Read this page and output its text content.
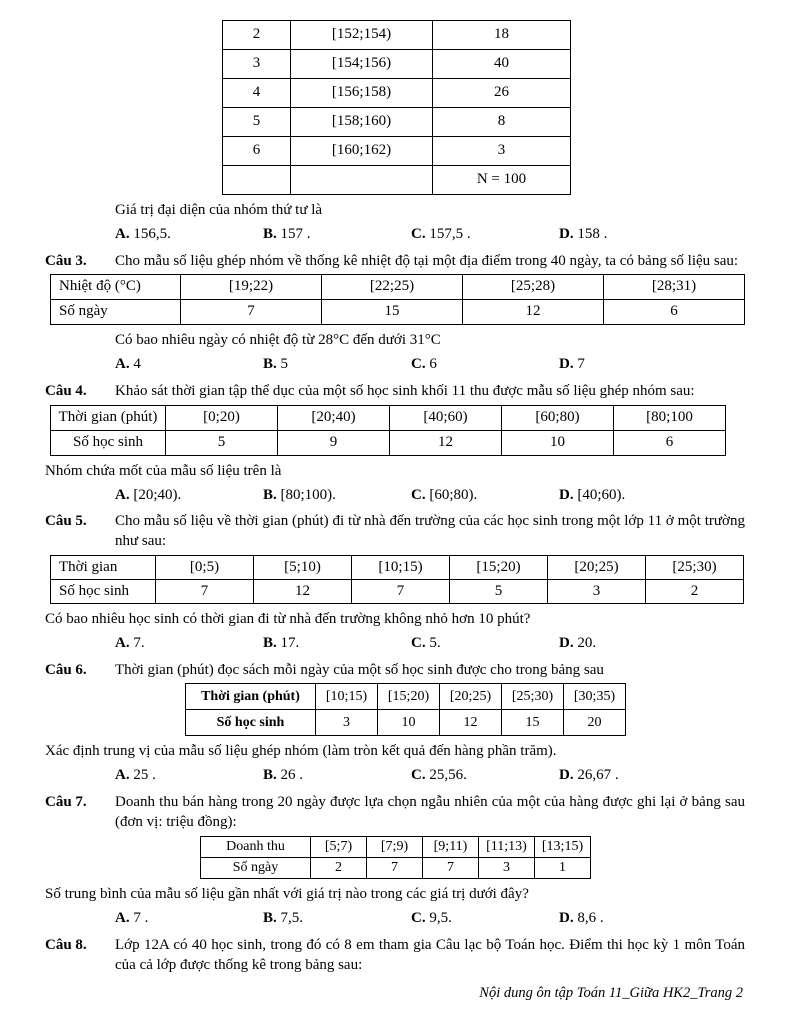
2	[152;154)	18
3	[154;156)	40
4	[156;158)	26
5	[158;160)	8
6	[160;162)	3
		N = 100
Giá trị đại diện của nhóm thứ tư là
A. 156,5.	B. 157 .	C. 157,5 .	D. 158 .
Câu 3.	Cho mẫu số liệu ghép nhóm về thống kê nhiệt độ tại một địa điểm trong 40 ngày, ta có bảng số liệu sau:
Nhiệt độ (°C)	[19;22)	[22;25)	[25;28)	[28;31)
Số ngày	7	15	12	6
Có bao nhiêu ngày có nhiệt độ từ 28°C đến dưới 31°C
A. 4	B. 5	C. 6	D. 7
Câu 4.	Khảo sát thời gian tập thể dục của một số học sinh khối 11 thu được mẫu số liệu ghép nhóm sau:
Thời gian (phút)	[0;20)	[20;40)	[40;60)	[60;80)	[80;100
Số học sinh	5	9	12	10	6
Nhóm chứa mốt của mẫu số liệu trên là
A. [20;40).	B. [80;100).	C. [60;80).	D. [40;60).
Câu 5.	Cho mẫu số liệu về thời gian (phút) đi từ nhà đến trường của các học sinh trong một lớp 11 ở một trường như sau:
Thời gian	[0;5)	[5;10)	[10;15)	[15;20)	[20;25)	[25;30)
Số học sinh	7	12	7	5	3	2
Có bao nhiêu học sinh có thời gian đi từ nhà đến trường không nhỏ hơn 10 phút?
A. 7.	B. 17.	C. 5.	D. 20.
Câu 6.	Thời gian (phút) đọc sách mỗi ngày của một số học sinh được cho trong bảng sau
Thời gian (phút)	[10;15)	[15;20)	[20;25)	[25;30)	[30;35)
Số học sinh	3	10	12	15	20
Xác định trung vị của mẫu số liệu ghép nhóm (làm tròn kết quả đến hàng phần trăm).
A. 25 .	B. 26 .	C. 25,56.	D. 26,67 .
Câu 7.	Doanh thu bán hàng trong 20 ngày được lựa chọn ngẫu nhiên của một của hàng được ghi lại ở bảng sau (đơn vị: triệu đồng):
Doanh thu	[5;7)	[7;9)	[9;11)	[11;13)	[13;15)
Số ngày	2	7	7	3	1
Số trung bình của mẫu số liệu gần nhất với giá trị nào trong các giá trị dưới đây?
A. 7 .	B. 7,5.	C. 9,5.	D. 8,6 .
Câu 8.	Lớp 12A có 40 học sinh, trong đó có 8 em tham gia Câu lạc bộ Toán học. Điểm thi học kỳ 1 môn Toán của cả lớp được thống kê trong bảng sau:
Nội dung ôn tập Toán 11_Giữa HK2_Trang 2
